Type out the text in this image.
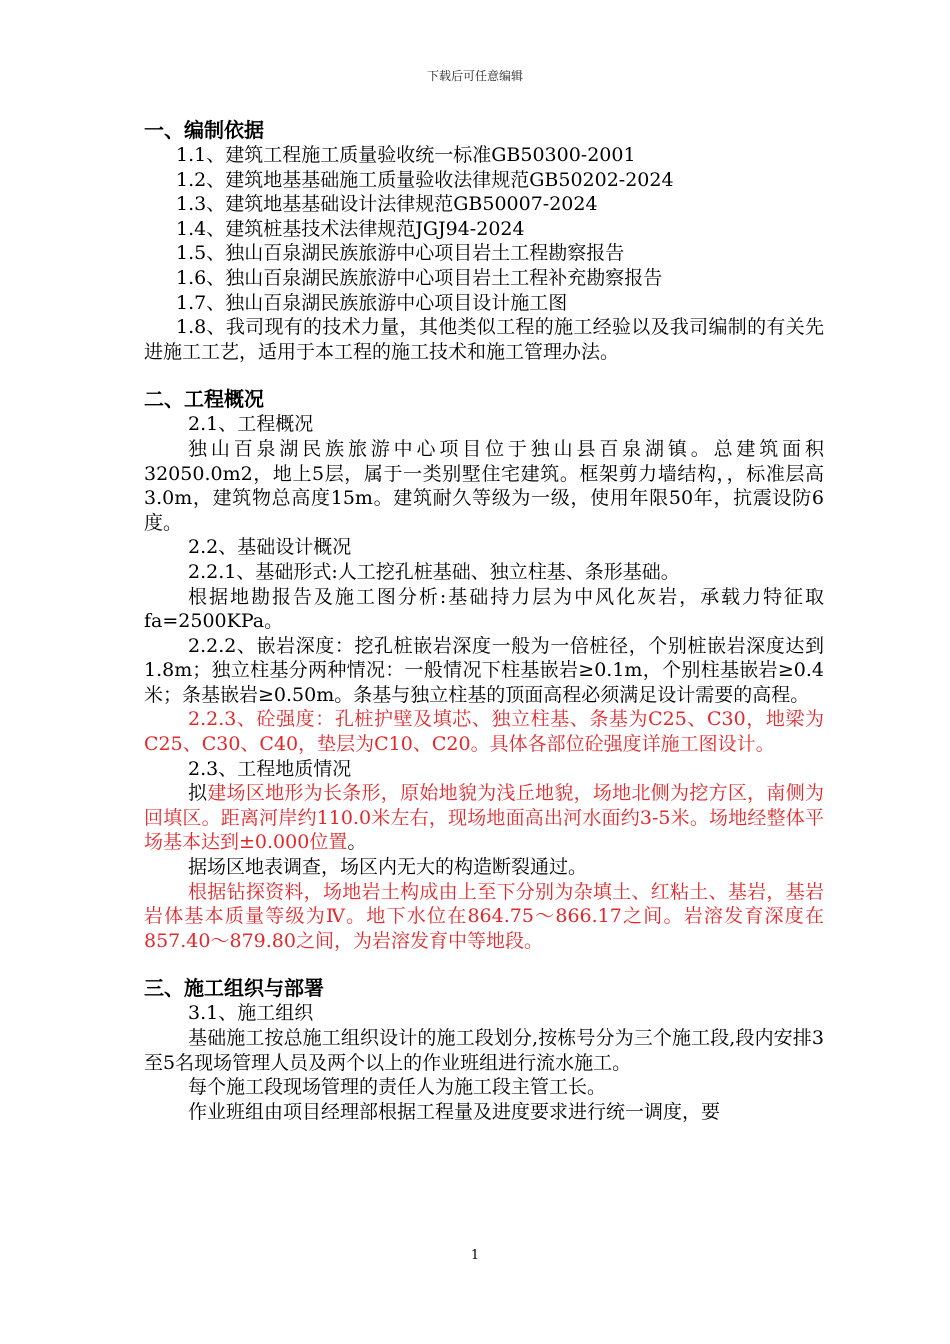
下载后可任意编辑

一、编制依据

1.1、建筑工程施工质量验收统一标准GB50300-2001

1.2、建筑地基基础施工质量验收法律规范GB50202-2024

1.3、建筑地基基础设计法律规范GB50007-2024

1.4、建筑桩基技术法律规范JGJ94-2024

1.5、独山百泉湖民族旅游中心项目岩土工程勘察报告

1.6、独山百泉湖民族旅游中心项目岩土工程补充勘察报告

1.7、独山百泉湖民族旅游中心项目设计施工图

1.8、我司现有的技术力量，其他类似工程的施工经验以及我司编制的有关先进施工工艺，适用于本工程的施工技术和施工管理办法。

二、工程概况

2.1、工程概况

独山百泉湖民族旅游中心项目位于独山县百泉湖镇。总建筑面积32050.0m2，地上5层，属于一类别墅住宅建筑。框架剪力墙结构，，标准层高3.0m，建筑物总高度15m。建筑耐久等级为一级，使用年限50年，抗震设防6度。

2.2、基础设计概况

2.2.1、基础形式:人工挖孔桩基础、独立柱基、条形基础。

根据地勘报告及施工图分析:基础持力层为中风化灰岩，承载力特征取fa=2500KPa。

2.2.2、嵌岩深度：挖孔桩嵌岩深度一般为一倍桩径，个别桩嵌岩深度达到1.8m；独立柱基分两种情况：一般情况下柱基嵌岩≥0.1m，个别柱基嵌岩≥0.4米；条基嵌岩≥0.50m。条基与独立柱基的顶面高程必须满足设计需要的高程。

2.2.3、砼强度：孔桩护壁及填芯、独立柱基、条基为C25、C30，地梁为C25、C30、C40，垫层为C10、C20。具体各部位砼强度详施工图设计。

2.3、工程地质情况

拟建场区地形为长条形，原始地貌为浅丘地貌，场地北侧为挖方区，南侧为回填区。距离河岸约110.0米左右，现场地面高出河水面约3-5米。场地经整体平场基本达到±0.000位置。

据场区地表调查，场区内无大的构造断裂通过。

根据钻探资料，场地岩土构成由上至下分别为杂填土、红粘土、基岩，基岩岩体基本质量等级为Ⅳ。地下水位在864.75～866.17之间。岩溶发育深度在857.40～879.80之间，为岩溶发育中等地段。

三、施工组织与部署

3.1、施工组织

基础施工按总施工组织设计的施工段划分,按栋号分为三个施工段,段内安排3至5名现场管理人员及两个以上的作业班组进行流水施工。

每个施工段现场管理的责任人为施工段主管工长。

作业班组由项目经理部根据工程量及进度要求进行统一调度，要

1
